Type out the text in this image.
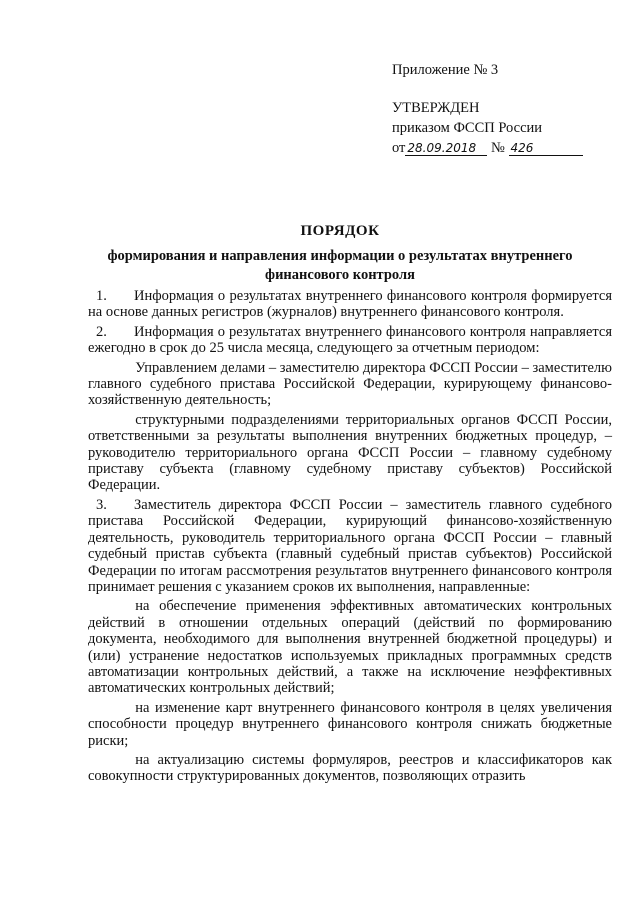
Приложение № 3
УТВЕРЖДЕН
приказом ФССП России
от 28.09.2018 № 426
ПОРЯДОК
формирования и направления информации о результатах внутреннего финансового контроля

1. Информация о результатах внутреннего финансового контроля формируется на основе данных регистров (журналов) внутреннего финансового контроля.

2. Информация о результатах внутреннего финансового контроля направляется ежегодно в срок до 25 числа месяца, следующего за отчетным периодом:

Управлением делами – заместителю директора ФССП России – заместителю главного судебного пристава Российской Федерации, курирующему финансово-хозяйственную деятельность;

структурными подразделениями территориальных органов ФССП России, ответственными за результаты выполнения внутренних бюджетных процедур, – руководителю территориального органа ФССП России – главному судебному приставу субъекта (главному судебному приставу субъектов) Российской Федерации.

3. Заместитель директора ФССП России – заместитель главного судебного пристава Российской Федерации, курирующий финансово-хозяйственную деятельность, руководитель территориального органа ФССП России – главный судебный пристав субъекта (главный судебный пристав субъектов) Российской Федерации по итогам рассмотрения результатов внутреннего финансового контроля принимает решения с указанием сроков их выполнения, направленные:

на обеспечение применения эффективных автоматических контрольных действий в отношении отдельных операций (действий по формированию документа, необходимого для выполнения внутренней бюджетной процедуры) и (или) устранение недостатков используемых прикладных программных средств автоматизации контрольных действий, а также на исключение неэффективных автоматических контрольных действий;

на изменение карт внутреннего финансового контроля в целях увеличения способности процедур внутреннего финансового контроля снижать бюджетные риски;

на актуализацию системы формуляров, реестров и классификаторов как совокупности структурированных документов, позволяющих отразить
